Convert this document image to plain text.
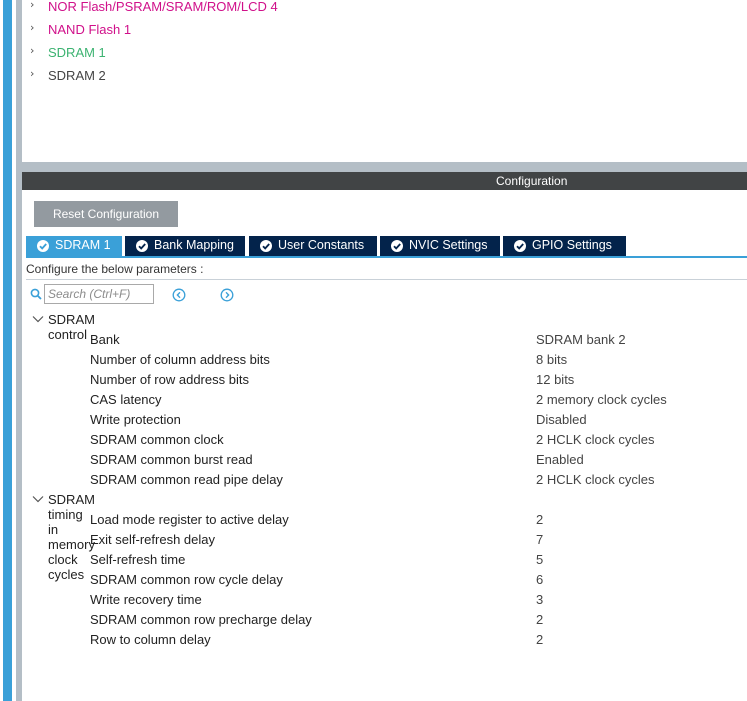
›	NOR Flash/PSRAM/SRAM/ROM/LCD 4
›	NAND Flash 1
›	SDRAM 1
›	SDRAM 2
Configuration
Reset Configuration
SDRAM 1	Bank Mapping	User Constants	NVIC Settings	GPIO Settings
Configure the below parameters :
Search (Ctrl+F)
SDRAM control Bank	SDRAM bank 2
Number of column address bits	8 bits
Number of row address bits	12 bits
CAS latency	2 memory clock cycles
Write protection	Disabled
SDRAM common clock	2 HCLK clock cycles
SDRAM common burst read	Enabled
SDRAM common read pipe delay	2 HCLK clock cycles
SDRAM timing in memory clock cycles
Load mode register to active delay	2
Exit self-refresh delay	7
Self-refresh time	5
SDRAM common row cycle delay	6
Write recovery time	3
SDRAM common row precharge delay	2
Row to column delay	2
